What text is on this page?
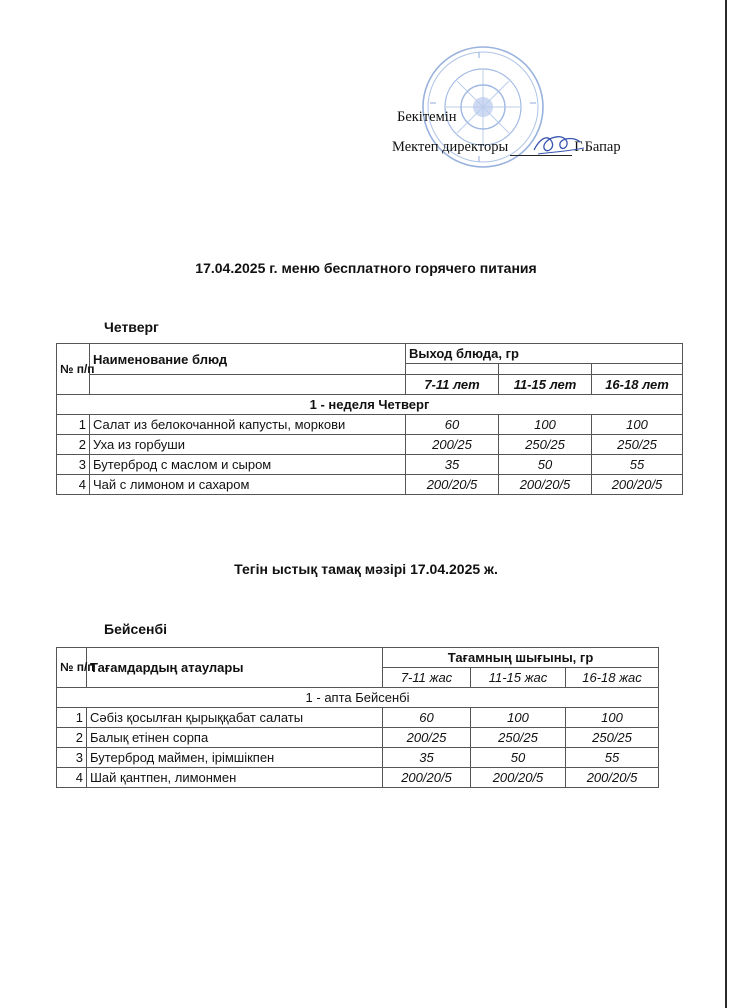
Бекітемін
Мектеп директоры	Г.Бапар
17.04.2025 г. меню бесплатного горячего питания
Четверг
№ п/п	Наименование блюд	Выход блюда, гр		

		7-11 лет	11-15 лет	16-18 лет
1 - неделя Четверг				
1	Салат из белокочанной капусты, моркови	60	100	100
2	Уха из горбуши	200/25	250/25	250/25
3	Бутерброд с маслом и сыром	35	50	55
4	Чай с лимоном и сахаром	200/20/5	200/20/5	200/20/5
Тегін ыстық тамақ мәзірі 17.04.2025 ж.
Бейсенбі
№ п/п	Тағамдардың атаулары	Тағамның шығыны, гр		
		7-11 жас	11-15 жас	16-18 жас
1 - апта Бейсенбі				
1	Сәбіз қосылған қырыққабат салаты	60	100	100
2	Балық етінен сорпа	200/25	250/25	250/25
3	Бутерброд маймен, ірімшікпен	35	50	55
4	Шай қантпен, лимонмен	200/20/5	200/20/5	200/20/5
